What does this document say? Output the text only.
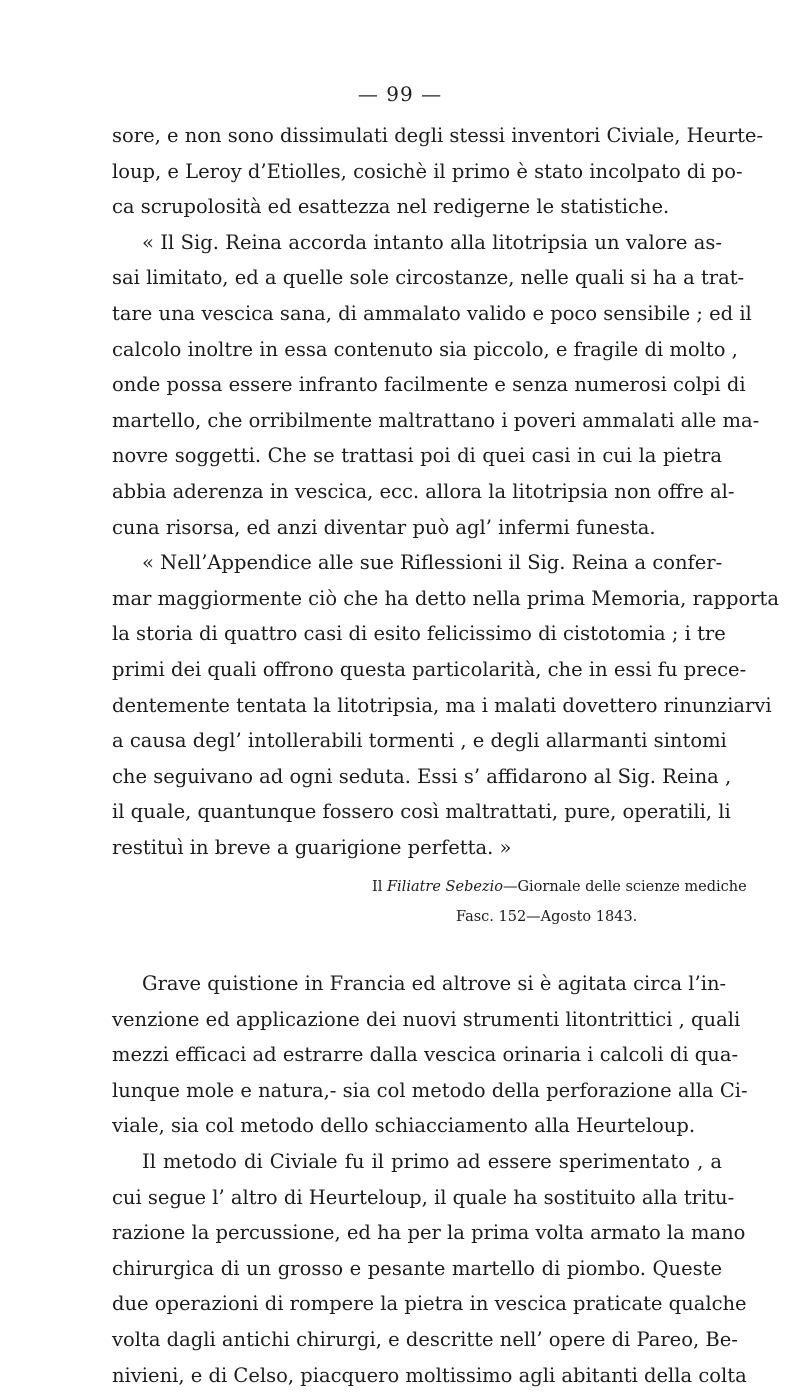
— 99 —
sore, e non sono dissimulati degli stessi inventori Civiale, Heurte-
loup, e Leroy d’Etiolles, cosichè il primo è stato incolpato di po-
ca scrupolosità ed esattezza nel redigerne le statistiche.
« Il Sig. Reina accorda intanto alla litotripsia un valore as-
sai limitato, ed a quelle sole circostanze, nelle quali si ha a trat-
tare una vescica sana, di ammalato valido e poco sensibile ; ed il
calcolo inoltre in essa contenuto sia piccolo, e fragile di molto ,
onde possa essere infranto facilmente e senza numerosi colpi di
martello, che orribilmente maltrattano i poveri ammalati alle ma-
novre soggetti. Che se trattasi poi di quei casi in cui la pietra
abbia aderenza in vescica, ecc. allora la litotripsia non offre al-
cuna risorsa, ed anzi diventar può agl’ infermi funesta.
« Nell’Appendice alle sue Riflessioni il Sig. Reina a confer-
mar maggiormente ciò che ha detto nella prima Memoria, rapporta
la storia di quattro casi di esito felicissimo di cistotomia ; i tre
primi dei quali offrono questa particolarità, che in essi fu prece-
dentemente tentata la litotripsia, ma i malati dovettero rinunziarvi
a causa degl’ intollerabili tormenti , e degli allarmanti sintomi
che seguivano ad ogni seduta. Essi s’ affidarono al Sig. Reina ,
il quale, quantunque fossero così maltrattati, pure, operatili, li
restituì in breve a guarigione perfetta. »
Il Filiatre Sebezio—Giornale delle scienze mediche
Fasc. 152—Agosto 1843.
Grave quistione in Francia ed altrove si è agitata circa l’in-
venzione ed applicazione dei nuovi strumenti litontrittici , quali
mezzi efficaci ad estrarre dalla vescica orinaria i calcoli di qua-
lunque mole e natura,- sia col metodo della perforazione alla Ci-
viale, sia col metodo dello schiacciamento alla Heurteloup.
Il metodo di Civiale fu il primo ad essere sperimentato , a
cui segue l’ altro di Heurteloup, il quale ha sostituito alla tritu-
razione la percussione, ed ha per la prima volta armato la mano
chirurgica di un grosso e pesante martello di piombo. Queste
due operazioni di rompere la pietra in vescica praticate qualche
volta dagli antichi chirurgi, e descritte nell’ opere di Pareo, Be-
nivieni, e di Celso, piacquero moltissimo agli abitanti della colta
